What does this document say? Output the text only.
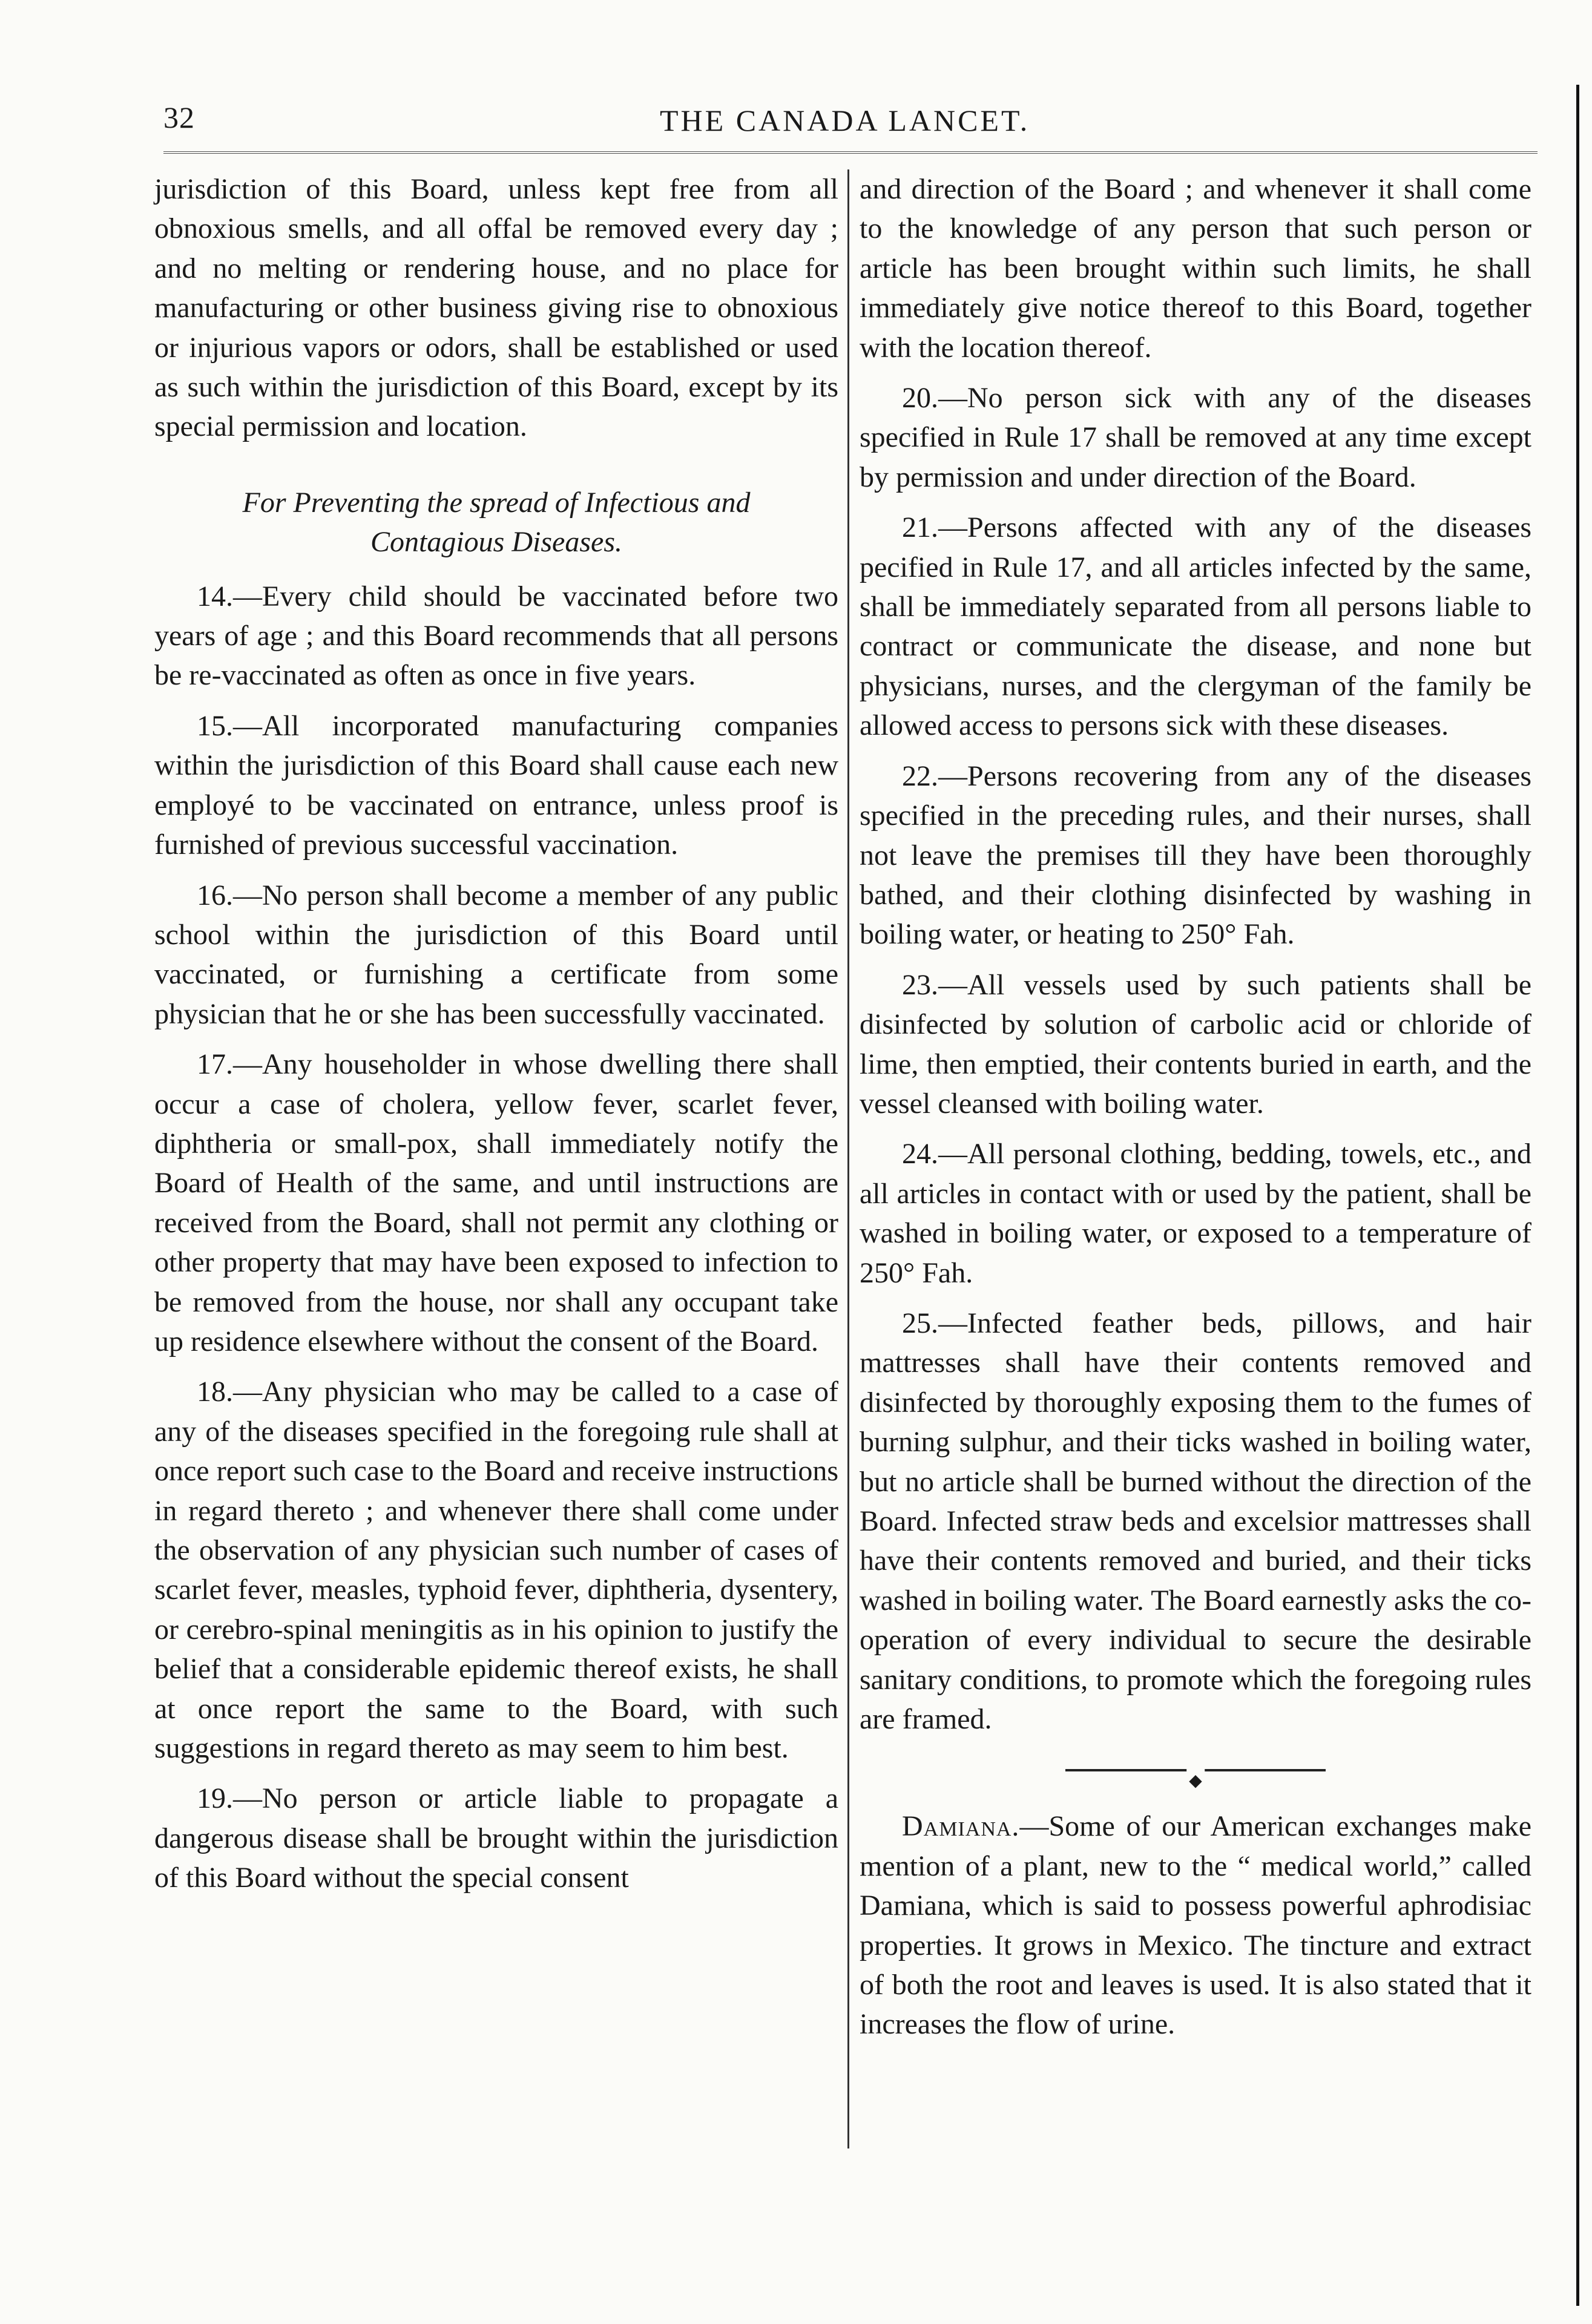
32	THE CANADA LANCET.

jurisdiction of this Board, unless kept free from all obnoxious smells, and all offal be removed every day ; and no melting or rendering house, and no place for manufacturing or other business giving rise to obnoxious or injurious vapors or odors, shall be established or used as such within the jurisdiction of this Board, except by its special permission and location.

For Preventing the spread of Infectious and Contagious Diseases.

14.—Every child should be vaccinated before two years of age ; and this Board recommends that all persons be re-vaccinated as often as once in five years.

15.—All incorporated manufacturing companies within the jurisdiction of this Board shall cause each new employé to be vaccinated on entrance, unless proof is furnished of previous successful vaccination.

16.—No person shall become a member of any public school within the jurisdiction of this Board until vaccinated, or furnishing a certificate from some physician that he or she has been successfully vaccinated.

17.—Any householder in whose dwelling there shall occur a case of cholera, yellow fever, scarlet fever, diphtheria or small-pox, shall immediately notify the Board of Health of the same, and until instructions are received from the Board, shall not permit any clothing or other property that may have been exposed to infection to be removed from the house, nor shall any occupant take up residence elsewhere without the consent of the Board.

18.—Any physician who may be called to a case of any of the diseases specified in the foregoing rule shall at once report such case to the Board and receive instructions in regard thereto ; and whenever there shall come under the observation of any physician such number of cases of scarlet fever, measles, typhoid fever, diphtheria, dysentery, or cerebro-spinal meningitis as in his opinion to justify the belief that a considerable epidemic thereof exists, he shall at once report the same to the Board, with such suggestions in regard thereto as may seem to him best.

19.—No person or article liable to propagate a dangerous disease shall be brought within the jurisdiction of this Board without the special consent

and direction of the Board ; and whenever it shall come to the knowledge of any person that such person or article has been brought within such limits, he shall immediately give notice thereof to this Board, together with the location thereof.

20.—No person sick with any of the diseases specified in Rule 17 shall be removed at any time except by permission and under direction of the Board.

21.—Persons affected with any of the diseases pecified in Rule 17, and all articles infected by the same, shall be immediately separated from all persons liable to contract or communicate the disease, and none but physicians, nurses, and the clergyman of the family be allowed access to persons sick with these diseases.

22.—Persons recovering from any of the diseases specified in the preceding rules, and their nurses, shall not leave the premises till they have been thoroughly bathed, and their clothing disinfected by washing in boiling water, or heating to 250° Fah.

23.—All vessels used by such patients shall be disinfected by solution of carbolic acid or chloride of lime, then emptied, their contents buried in earth, and the vessel cleansed with boiling water.

24.—All personal clothing, bedding, towels, etc., and all articles in contact with or used by the patient, shall be washed in boiling water, or exposed to a temperature of 250° Fah.

25.—Infected feather beds, pillows, and hair mattresses shall have their contents removed and disinfected by thoroughly exposing them to the fumes of burning sulphur, and their ticks washed in boiling water, but no article shall be burned without the direction of the Board. Infected straw beds and excelsior mattresses shall have their contents removed and buried, and their ticks washed in boiling water. The Board earnestly asks the co-operation of every individual to secure the desirable sanitary conditions, to promote which the foregoing rules are framed.

◆

Damiana.—Some of our American exchanges make mention of a plant, new to the “ medical world,” called Damiana, which is said to possess powerful aphrodisiac properties. It grows in Mexico. The tincture and extract of both the root and leaves is used. It is also stated that it increases the flow of urine.
